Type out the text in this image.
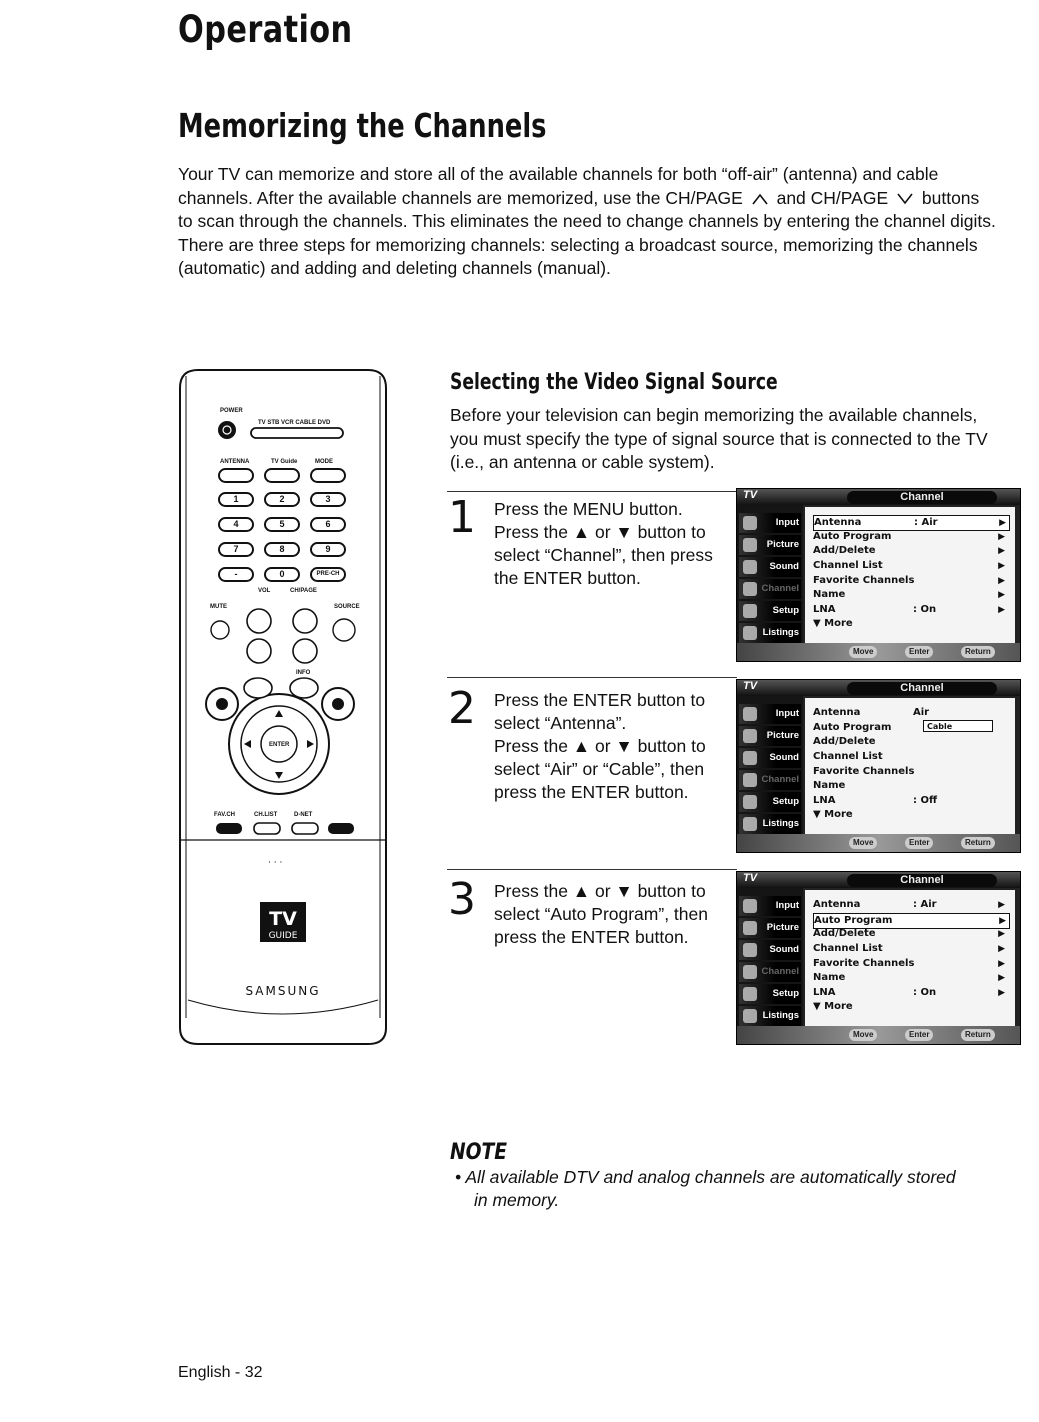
Operation
Memorizing the Channels
Your TV can memorize and store all of the available channels for both “off-air” (antenna) and cable
channels. After the available channels are memorized, use the CH/PAGE and CH/PAGE buttons
to scan through the channels. This eliminates the need to change channels by entering the channel digits.
There are three steps for memorizing channels: selecting a broadcast source, memorizing the channels
(automatic) and adding and deleting channels (manual).
TV
GUIDE
· · ·
POWER
TV STB VCR CABLE DVD
ANTENNA	TV Guide	MODE
1	2	3
4	5	6
7	8	9
-	0	PRE-CH
VOL	CH/PAGE
MUTE	SOURCE
ENTER
INFO
FAV.CH	CH.LIST	D-NET
SAMSUNG
Selecting the Video Signal Source
Before your television can begin memorizing the available channels,
you must specify the type of signal source that is connected to the TV
(i.e., an antenna or cable system).
1 Press the MENU button.
Press the ▲ or ▼ button to
select “Channel”, then press
the ENTER button.
2 Press the ENTER button to
select “Antenna”.
Press the ▲ or ▼ button to
select “Air” or “Cable”, then
press the ENTER button.
3 Press the ▲ or ▼ button to
select “Auto Program”, then
press the ENTER button.
TV	Channel
Input
Picture
Sound
Channel
Setup
Listings
Antenna	: Air	▶
Auto Program	▶
Add/Delete	▶
Channel List	▶
Favorite Channels	▶
Name	▶
LNA	: On	▶
▼ More
Move	Enter	Return
TV	Channel
Input
Picture
Sound
Channel
Setup
Listings
Antenna	Air
Auto Program	Cable
Add/Delete
Channel List
Favorite Channels
Name
LNA	: Off
▼ More
Move	Enter	Return
TV	Channel
Input
Picture
Sound
Channel
Setup
Listings
Antenna	: Air	▶
Auto Program	▶
Add/Delete	▶
Channel List	▶
Favorite Channels	▶
Name	▶
LNA	: On	▶
▼ More
Move	Enter	Return
NOTE
• All available DTV and analog channels are automatically stored
in memory.
English - 32
